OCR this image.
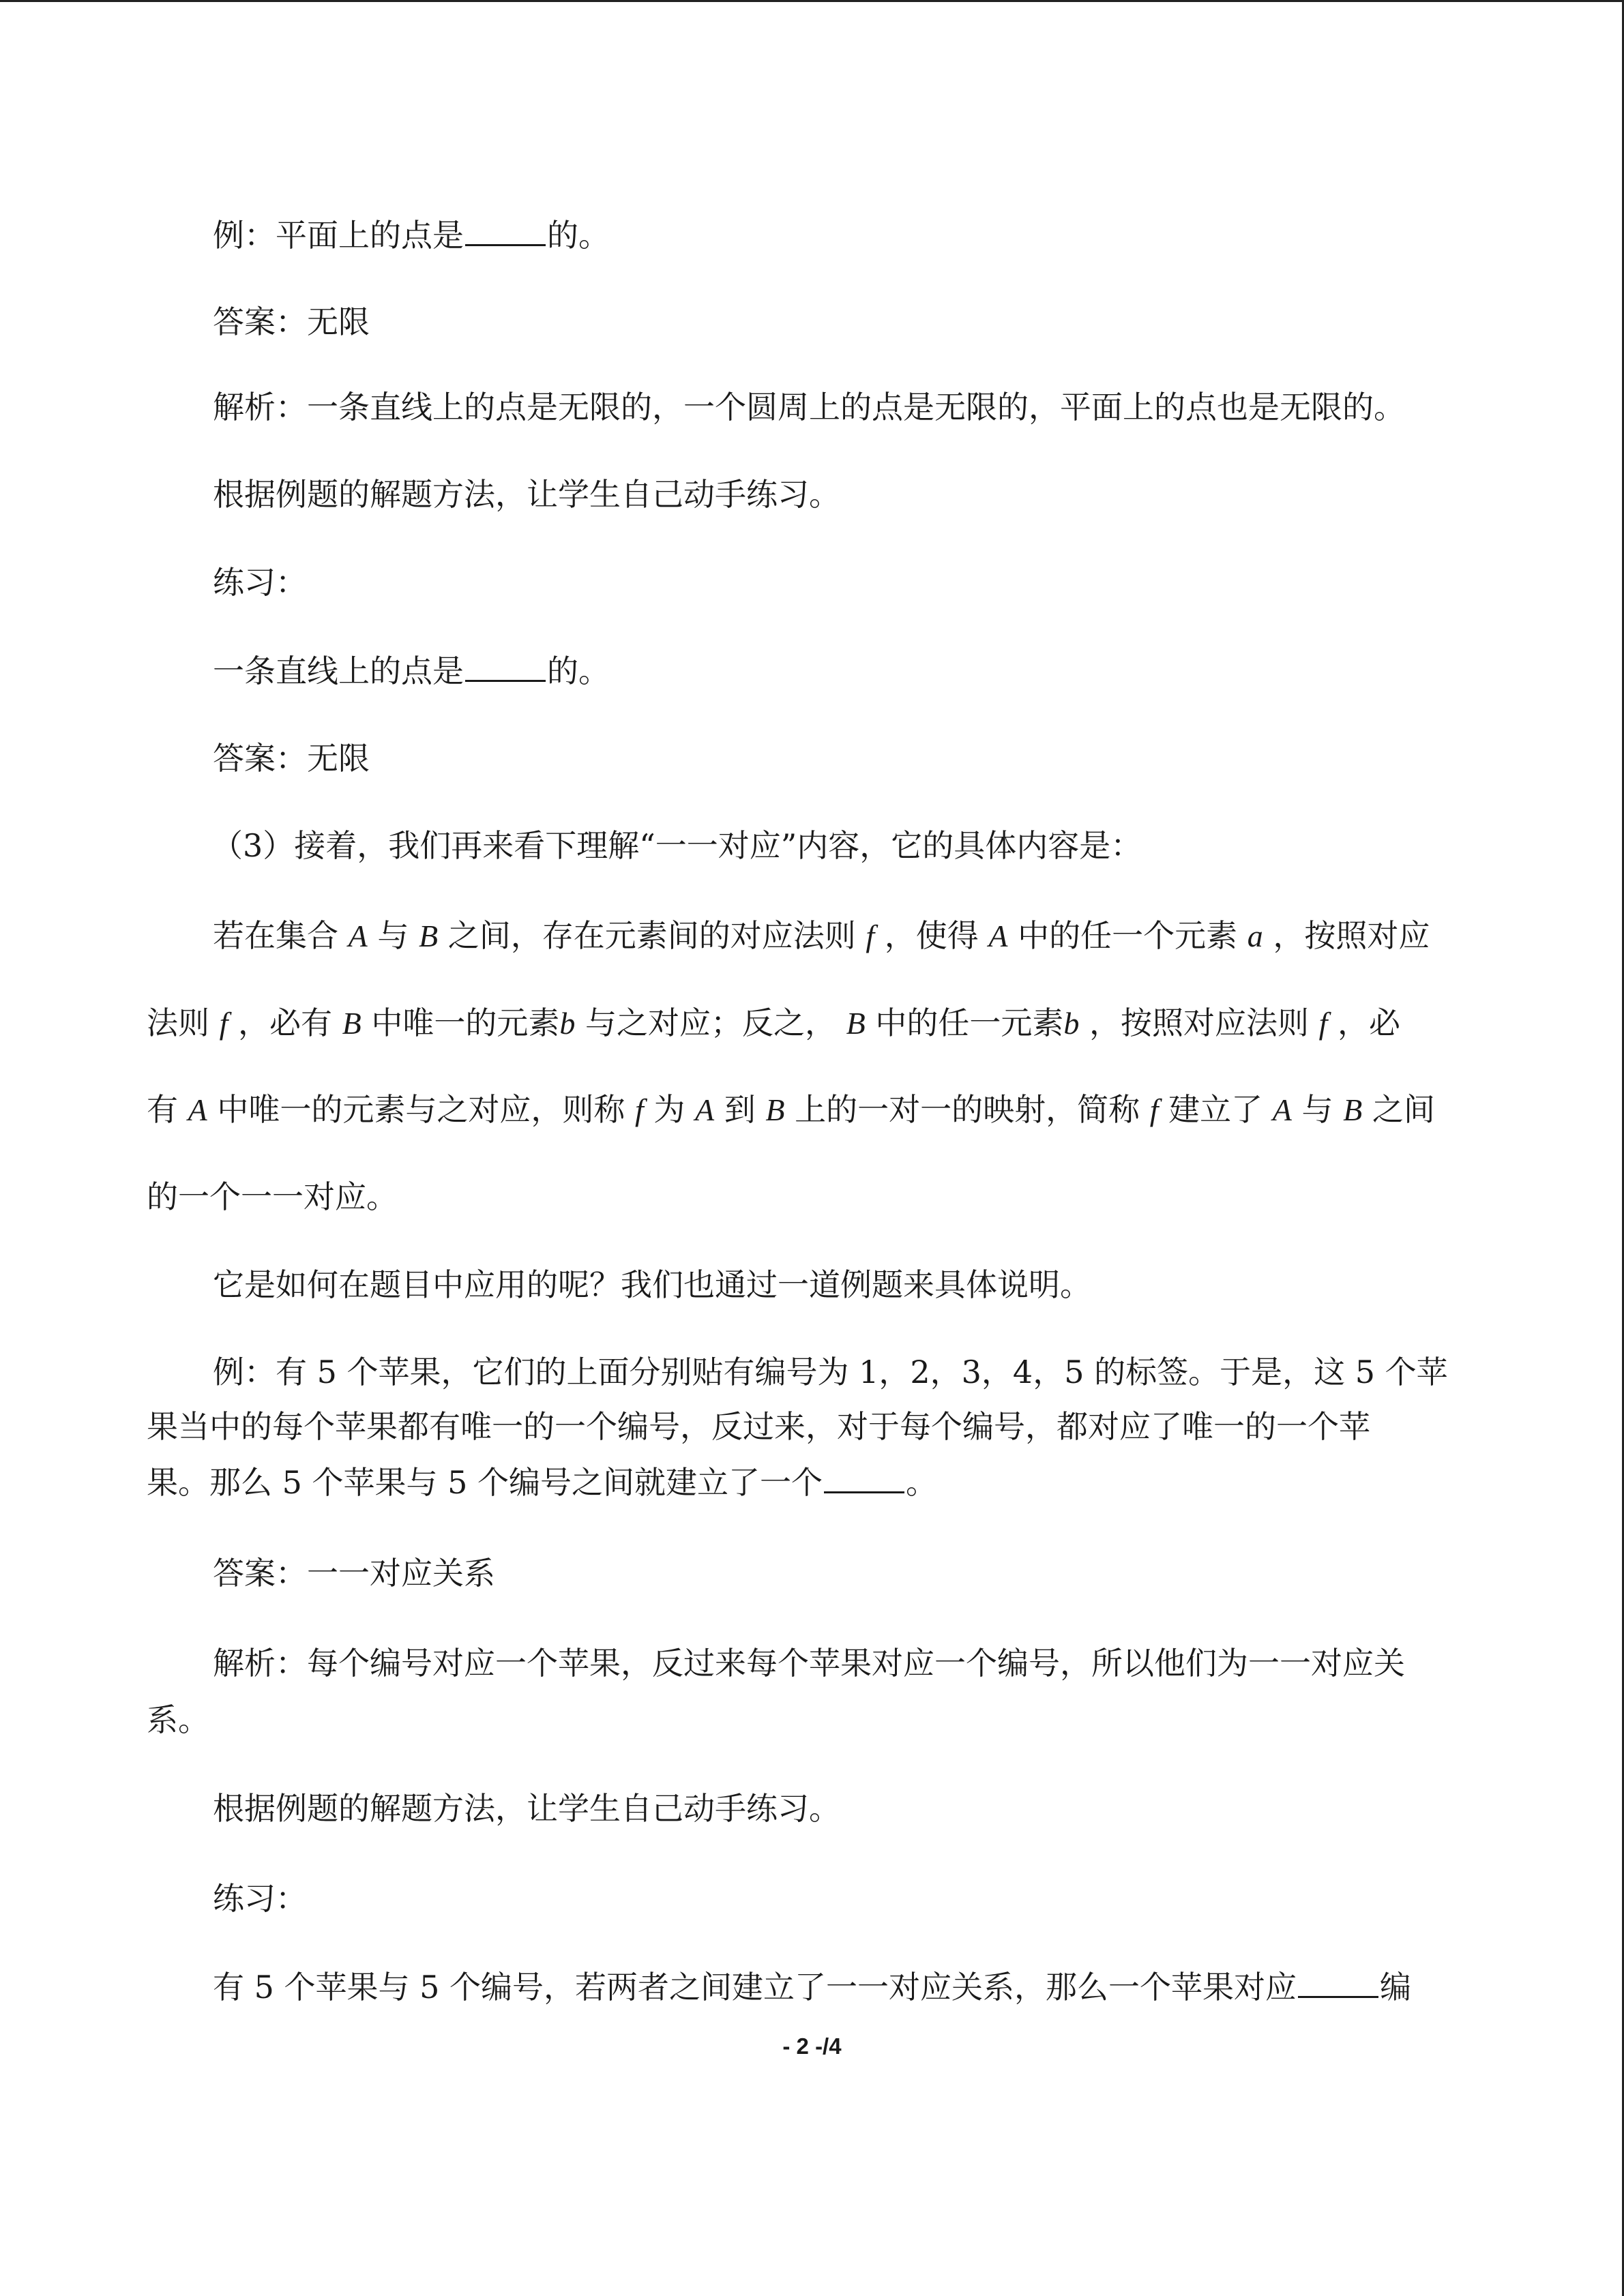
例：平面上的点是	的。
答案：无限
解析：一条直线上的点是无限的，一个圆周上的点是无限的，平面上的点也是无限的。
根据例题的解题方法，让学生自己动手练习。
练习：
一条直线上的点是	的。
答案：无限
（3）接着，我们再来看下理解“一一对应”内容，它的具体内容是：
若在集合 A 与 B 之间，存在元素间的对应法则 f ，使得 A 中的任一个元素 a ，按照对应
法则 f ，必有 B 中唯一的元素b 与之对应；反之， B 中的任一元素b ，按照对应法则 f ，必
有 A 中唯一的元素与之对应，则称 f 为 A 到 B 上的一对一的映射，简称 f 建立了 A 与 B 之间
的一个一一对应。
它是如何在题目中应用的呢？我们也通过一道例题来具体说明。
例：有 5 个苹果，它们的上面分别贴有编号为 1，2，3，4，5 的标签。于是，这 5 个苹
果当中的每个苹果都有唯一的一个编号，反过来，对于每个编号，都对应了唯一的一个苹
果。那么 5 个苹果与 5 个编号之间就建立了一个	。
答案：一一对应关系
解析：每个编号对应一个苹果，反过来每个苹果对应一个编号，所以他们为一一对应关
系。
根据例题的解题方法，让学生自己动手练习。
练习：
有 5 个苹果与 5 个编号，若两者之间建立了一一对应关系，那么一个苹果对应	编
- 2 -/4
